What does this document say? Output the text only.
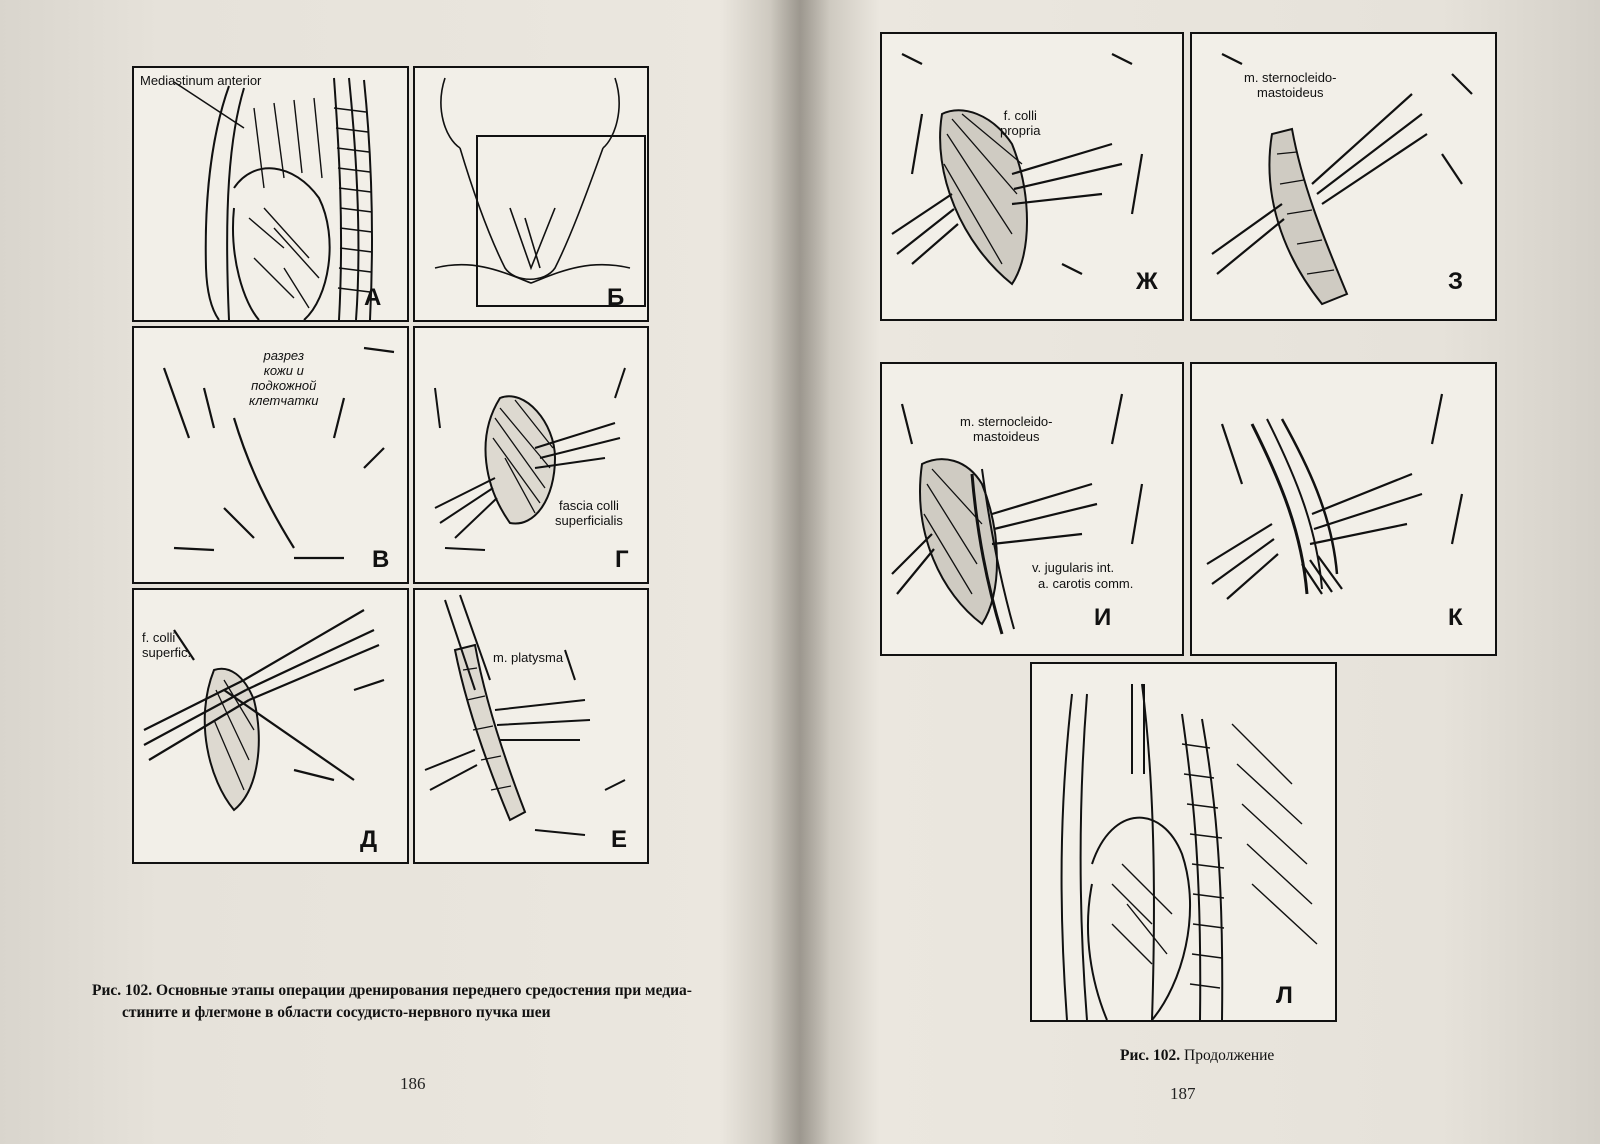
Mediastinum anterior
А	Б
разрез
кожи и
подкожной
клетчатки
В
fascia colli
superficialis
Г
f. colli
superfic.
Д
m. platysma
Е
Рис. 102. Основные этапы операции дренирования переднего средостения при медиа-
стините и флегмоне в области сосудисто-нервного пучка шеи
186
f. colli
propria
Ж
m. sternocleido-
mastoideus
З
m. sternocleido-
mastoideus
v. jugularis int.
a. carotis comm.
И	К
Л
Рис. 102. Продолжение
187
